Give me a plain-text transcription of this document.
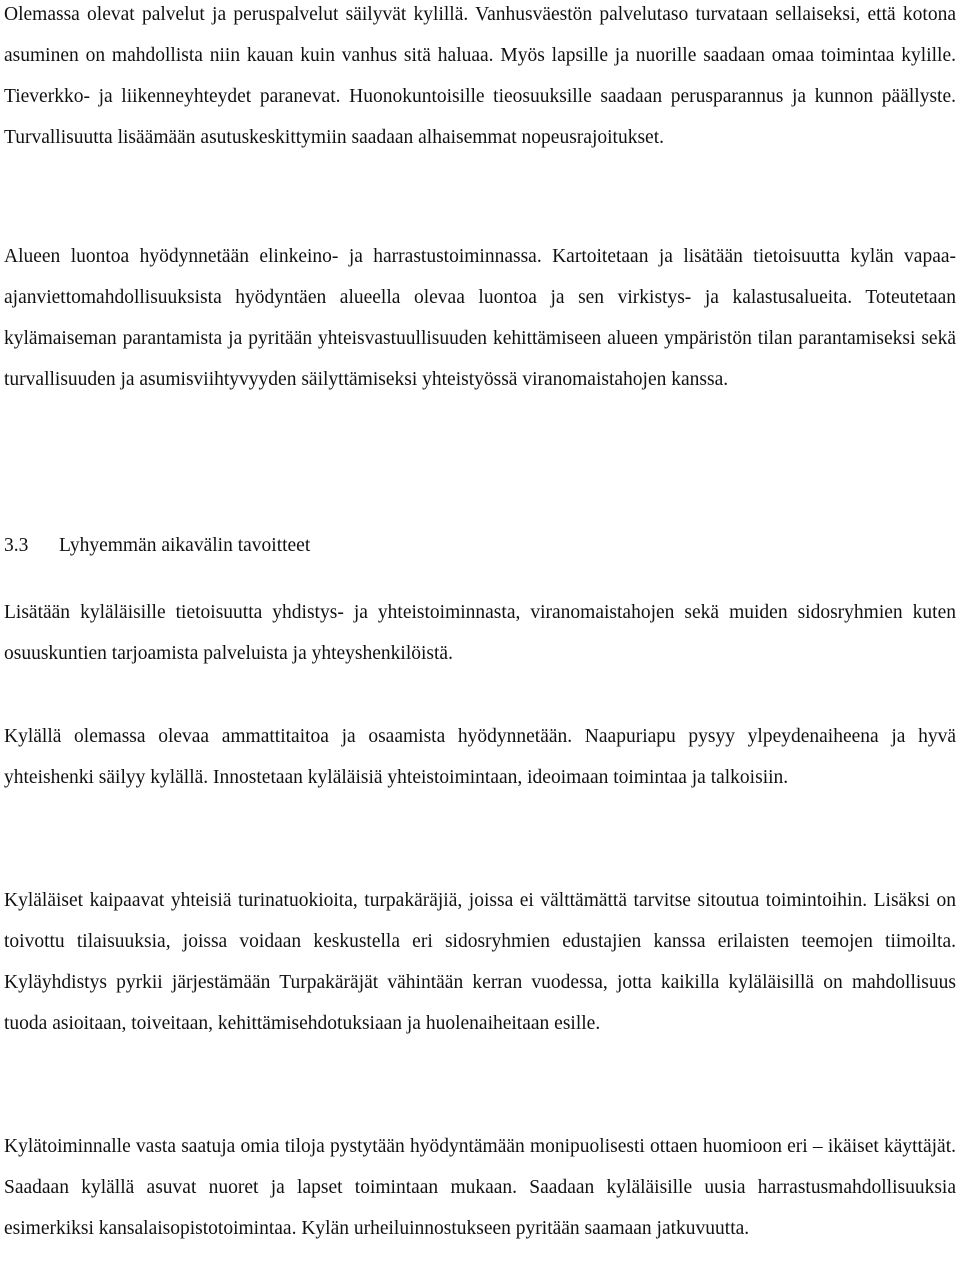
Olemassa olevat palvelut ja peruspalvelut säilyvät kylillä. Vanhusväestön palvelutaso turvataan sellaiseksi, että kotona asuminen on mahdollista niin kauan kuin vanhus sitä haluaa. Myös lapsille ja nuorille saadaan omaa toimintaa kylille. Tieverkko- ja liikenneyhteydet paranevat. Huonokuntoisille tieosuuksille saadaan perusparannus ja kunnon päällyste. Turvallisuutta lisäämään asutuskeskittymiin saadaan alhaisemmat nopeusrajoitukset.

Alueen luontoa hyödynnetään elinkeino- ja harrastustoiminnassa. Kartoitetaan ja lisätään tietoisuutta kylän vapaa-ajanviettomahdollisuuksista hyödyntäen alueella olevaa luontoa ja sen virkistys- ja kalastusalueita. Toteutetaan kylämaiseman parantamista ja pyritään yhteisvastuullisuuden kehittämiseen alueen ympäristön tilan parantamiseksi sekä turvallisuuden ja asumisviihtyvyyden säilyttämiseksi yhteistyössä viranomaistahojen kanssa.

3.3 Lyhyemmän aikavälin tavoitteet

Lisätään kyläläisille tietoisuutta yhdistys- ja yhteistoiminnasta, viranomaistahojen sekä muiden sidosryhmien kuten osuuskuntien tarjoamista palveluista ja yhteyshenkilöistä.

Kylällä olemassa olevaa ammattitaitoa ja osaamista hyödynnetään. Naapuriapu pysyy ylpeydenaiheena ja hyvä yhteishenki säilyy kylällä. Innostetaan kyläläisiä yhteistoimintaan, ideoimaan toimintaa ja talkoisiin.

Kyläläiset kaipaavat yhteisiä turinatuokioita, turpakäräjiä, joissa ei välttämättä tarvitse sitoutua toimintoihin. Lisäksi on toivottu tilaisuuksia, joissa voidaan keskustella eri sidosryhmien edustajien kanssa erilaisten teemojen tiimoilta. Kyläyhdistys pyrkii järjestämään Turpakäräjät vähintään kerran vuodessa, jotta kaikilla kyläläisillä on mahdollisuus tuoda asioitaan, toiveitaan, kehittämisehdotuksiaan ja huolenaiheitaan esille.

Kylätoiminnalle vasta saatuja omia tiloja pystytään hyödyntämään monipuolisesti ottaen huomioon eri – ikäiset käyttäjät. Saadaan kylällä asuvat nuoret ja lapset toimintaan mukaan. Saadaan kyläläisille uusia harrastusmahdollisuuksia esimerkiksi kansalaisopistotoimintaa. Kylän urheiluinnostukseen pyritään saamaan jatkuvuutta.
